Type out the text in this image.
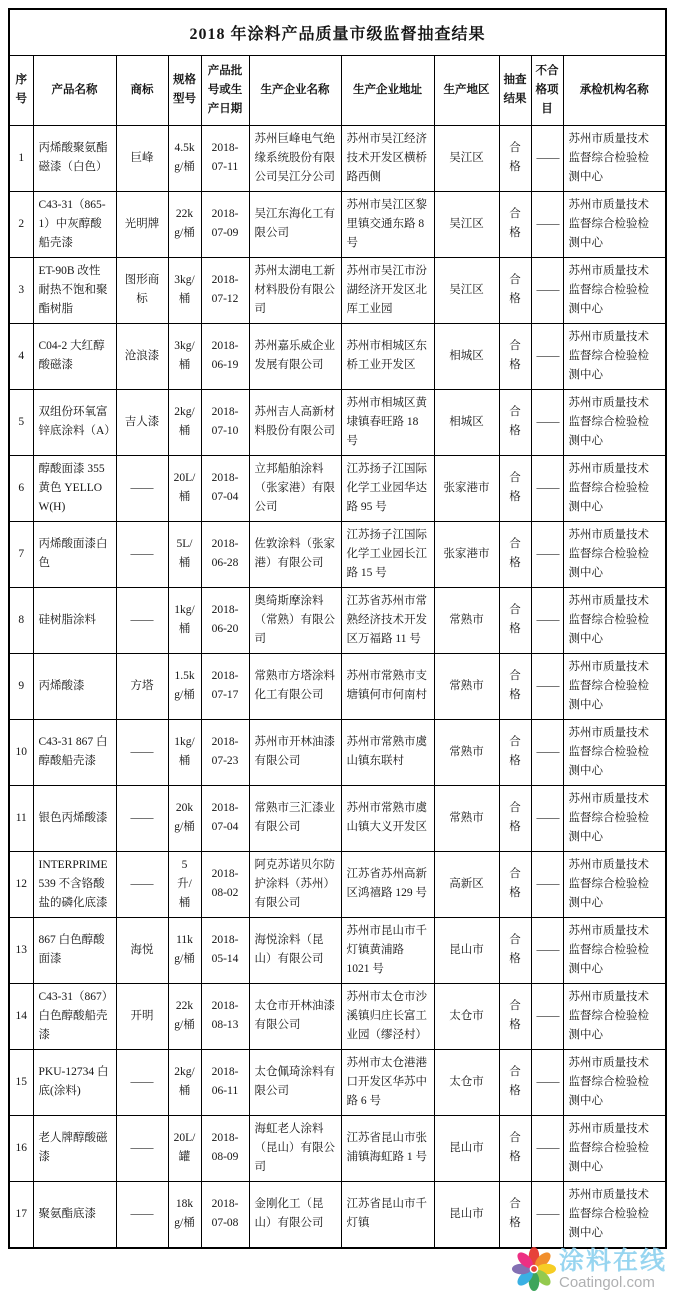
2018 年涂料产品质量市级监督抽查结果										
序号	产品名称	商标	规格型号	产品批号或生产日期	生产企业名称	生产企业地址	生产地区	抽查结果	不合格项目	承检机构名称
1	丙烯酸聚氨酯磁漆（白色）	巨峰	4.5kg/桶	2018-07-11	苏州巨峰电气绝缘系统股份有限公司吴江分公司	苏州市吴江经济技术开发区横桥路西侧	吴江区	合格	——	苏州市质量技术监督综合检验检测中心
2	C43-31（865-1）中灰醇酸船壳漆	光明牌	22kg/桶	2018-07-09	吴江东海化工有限公司	苏州市吴江区黎里镇交通东路 8 号	吴江区	合格	——	苏州市质量技术监督综合检验检测中心
3	ET-90B 改性耐热不饱和聚酯树脂	图形商标	3kg/桶	2018-07-12	苏州太湖电工新材料股份有限公司	苏州市吴江市汾湖经济开发区北厍工业园	吴江区	合格	——	苏州市质量技术监督综合检验检测中心
4	C04-2 大红醇酸磁漆	沧浪漆	3kg/桶	2018-06-19	苏州嘉乐威企业发展有限公司	苏州市相城区东桥工业开发区	相城区	合格	——	苏州市质量技术监督综合检验检测中心
5	双组份环氧富锌底涂料（A）	吉人漆	2kg/桶	2018-07-10	苏州吉人高新材料股份有限公司	苏州市相城区黄埭镇春旺路 18 号	相城区	合格	——	苏州市质量技术监督综合检验检测中心
6	醇酸面漆 355 黄色 YELLOW(H)	——	20L/桶	2018-07-04	立邦船舶涂料（张家港）有限公司	江苏扬子江国际化学工业园华达路 95 号	张家港市	合格	——	苏州市质量技术监督综合检验检测中心
7	丙烯酸面漆白色	——	5L/桶	2018-06-28	佐敦涂料（张家港）有限公司	江苏扬子江国际化学工业园长江路 15 号	张家港市	合格	——	苏州市质量技术监督综合检验检测中心
8	硅树脂涂料	——	1kg/桶	2018-06-20	奥绮斯摩涂料（常熟）有限公司	江苏省苏州市常熟经济技术开发区万福路 11 号	常熟市	合格	——	苏州市质量技术监督综合检验检测中心
9	丙烯酸漆	方塔	1.5kg/桶	2018-07-17	常熟市方塔涂料化工有限公司	苏州市常熟市支塘镇何市何南村	常熟市	合格	——	苏州市质量技术监督综合检验检测中心
10	C43-31 867 白醇酸船壳漆	——	1kg/桶	2018-07-23	苏州市开林油漆有限公司	苏州市常熟市虞山镇东联村	常熟市	合格	——	苏州市质量技术监督综合检验检测中心
11	银色丙烯酸漆	——	20kg/桶	2018-07-04	常熟市三汇漆业有限公司	苏州市常熟市虞山镇大义开发区	常熟市	合格	——	苏州市质量技术监督综合检验检测中心
12	INTERPRIME539 不含铬酸盐的磷化底漆	——	5 升/桶	2018-08-02	阿克苏诺贝尔防护涂料（苏州）有限公司	江苏省苏州高新区鸿禧路 129 号	高新区	合格	——	苏州市质量技术监督综合检验检测中心
13	867 白色醇酸面漆	海悦	11kg/桶	2018-05-14	海悦涂料（昆山）有限公司	苏州市昆山市千灯镇黄浦路 1021 号	昆山市	合格	——	苏州市质量技术监督综合检验检测中心
14	C43-31（867）白色醇酸船壳漆	开明	22kg/桶	2018-08-13	太仓市开林油漆有限公司	苏州市太仓市沙溪镇归庄长富工业园（缪泾村）	太仓市	合格	——	苏州市质量技术监督综合检验检测中心
15	PKU-12734 白底(涂料)	——	2kg/桶	2018-06-11	太仓佩琦涂料有限公司	苏州市太仓港港口开发区华苏中路 6 号	太仓市	合格	——	苏州市质量技术监督综合检验检测中心
16	老人牌醇酸磁漆	——	20L/罐	2018-08-09	海虹老人涂料（昆山）有限公司	江苏省昆山市张浦镇海虹路 1 号	昆山市	合格	——	苏州市质量技术监督综合检验检测中心
17	聚氨酯底漆	——	18kg/桶	2018-07-08	金刚化工（昆山）有限公司	江苏省昆山市千灯镇	昆山市	合格	——	苏州市质量技术监督综合检验检测中心
涂料在线
Coatingol.com
